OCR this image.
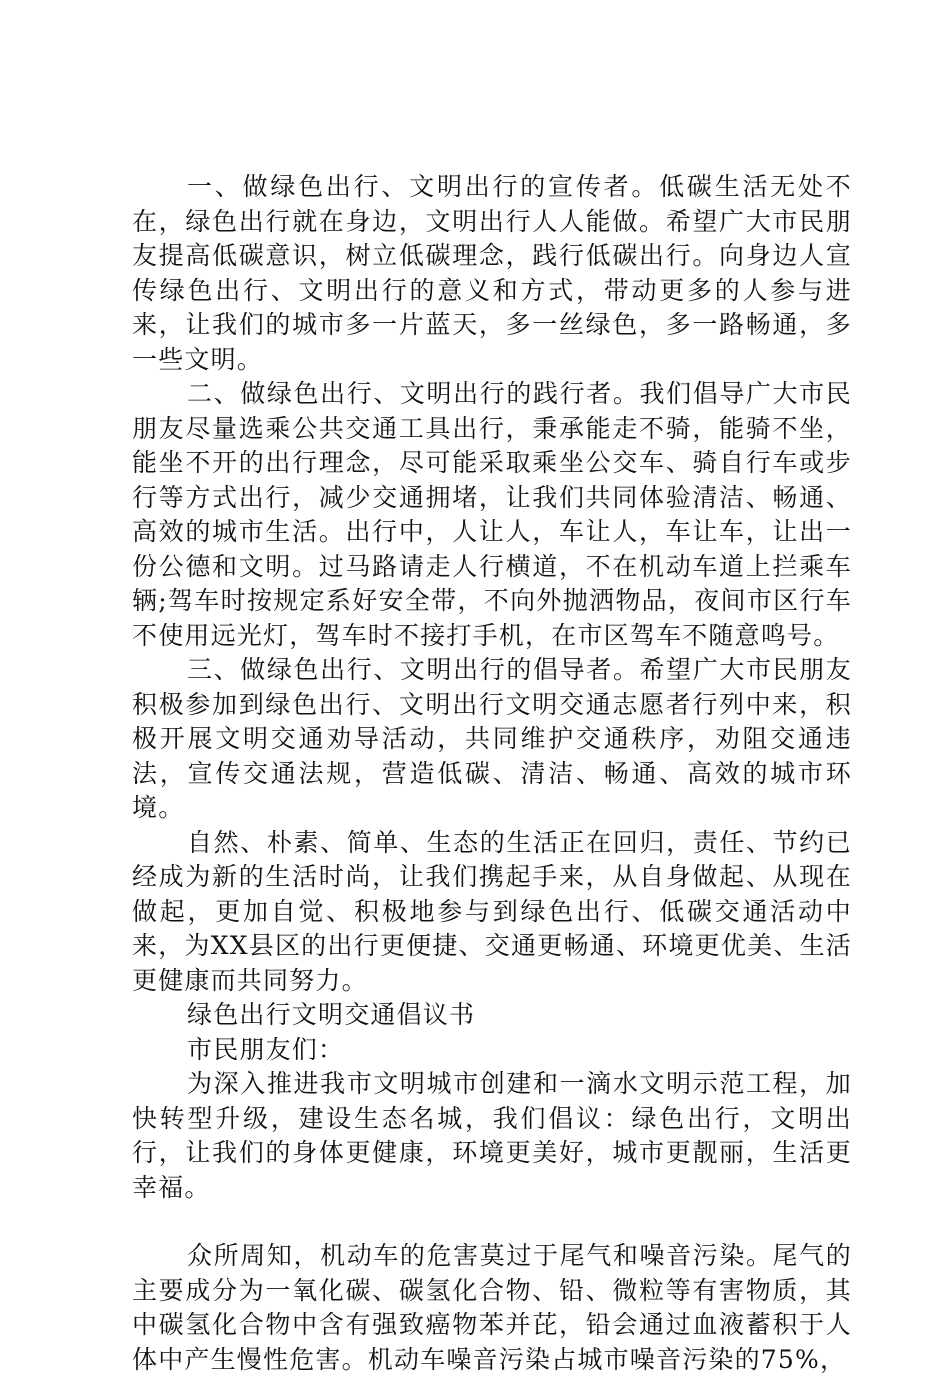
一、做绿色出行、文明出行的宣传者。低碳生活无处不在，绿色出行就在身边，文明出行人人能做。希望广大市民朋友提高低碳意识，树立低碳理念，践行低碳出行。向身边人宣传绿色出行、文明出行的意义和方式，带动更多的人参与进来，让我们的城市多一片蓝天，多一丝绿色，多一路畅通，多一些文明。

二、做绿色出行、文明出行的践行者。我们倡导广大市民朋友尽量选乘公共交通工具出行，秉承能走不骑，能骑不坐，能坐不开的出行理念，尽可能采取乘坐公交车、骑自行车或步行等方式出行，减少交通拥堵，让我们共同体验清洁、畅通、高效的城市生活。出行中，人让人，车让人，车让车，让出一份公德和文明。过马路请走人行横道，不在机动车道上拦乘车辆;驾车时按规定系好安全带，不向外抛洒物品，夜间市区行车不使用远光灯，驾车时不接打手机，在市区驾车不随意鸣号。

三、做绿色出行、文明出行的倡导者。希望广大市民朋友积极参加到绿色出行、文明出行文明交通志愿者行列中来，积极开展文明交通劝导活动，共同维护交通秩序，劝阻交通违法，宣传交通法规，营造低碳、清洁、畅通、高效的城市环境。

自然、朴素、简单、生态的生活正在回归，责任、节约已经成为新的生活时尚，让我们携起手来，从自身做起、从现在做起，更加自觉、积极地参与到绿色出行、低碳交通活动中来，为XX县区的出行更便捷、交通更畅通、环境更优美、生活更健康而共同努力。

绿色出行文明交通倡议书

市民朋友们：

为深入推进我市文明城市创建和一滴水文明示范工程，加快转型升级，建设生态名城，我们倡议：绿色出行，文明出行，让我们的身体更健康，环境更美好，城市更靓丽，生活更幸福。

众所周知，机动车的危害莫过于尾气和噪音污染。尾气的主要成分为一氧化碳、碳氢化合物、铅、微粒等有害物质，其中碳氢化合物中含有强致癌物苯并芘，铅会通过血液蓄积于人体中产生慢性危害。机动车噪音污染占城市噪音污染的75%，
